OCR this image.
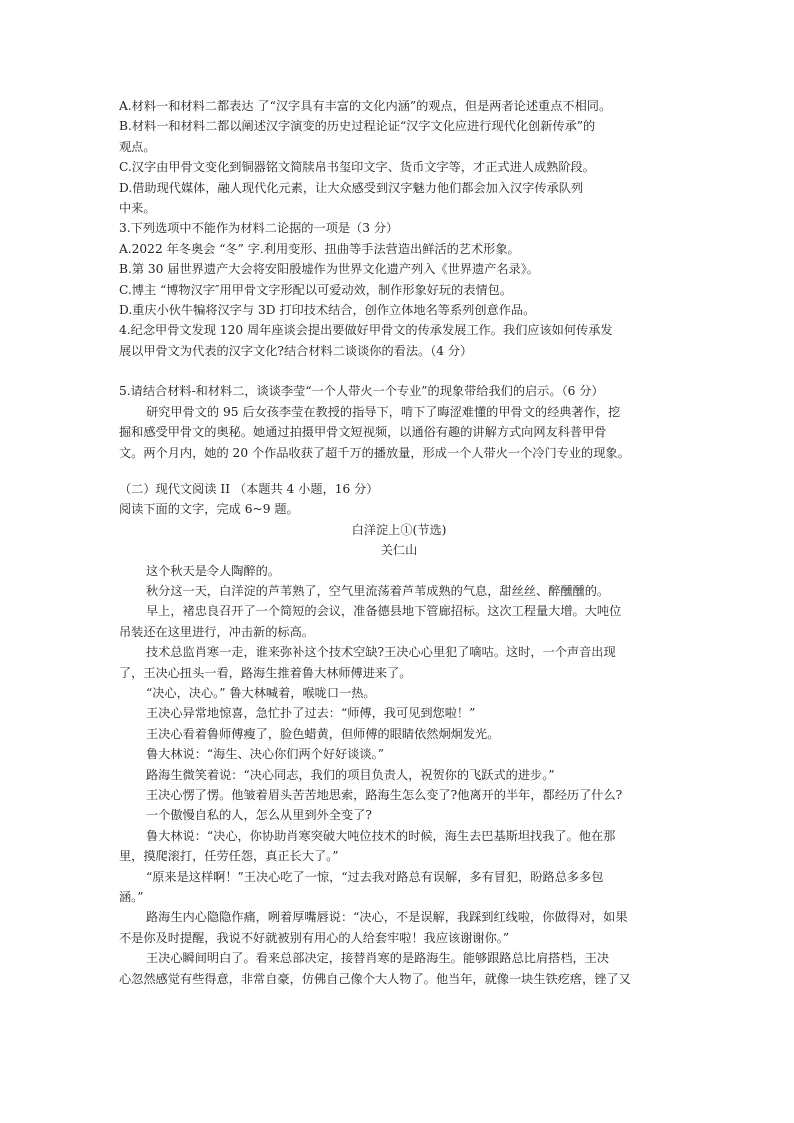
A.材料一和材料二都表达 了“汉字具有丰富的文化内涵”的观点，但是两者论述重点不相同。
B.材料一和材料二都以阐述汉字演变的历史过程论证“汉字文化应进行现代化创新传承”的
观点。
C.汉字由甲骨文变化到铜器铭文简牍帛书玺印文字、货币文字等，才正式进人成熟阶段。
D.借助现代媒体，融人现代化元素，让大众感受到汉字魅力他们都会加入汉字传承队列
中来。
3.下列选项中不能作为材料二论据的一项是（3 分）
A.2022 年冬奥会 “冬” 字.利用变形、扭曲等手法营造出鲜活的艺术形象。
B.第 30 届世界遗产大会将安阳殷墟作为世界文化遗产列入《世界遗产名录》。
C.博主 “博物汉字″用甲骨文字形配以可爱动效，制作形象好玩的表情包。
D.重庆小伙牛犏将汉字与 3D 打印技术结合，创作立体地名等系列创意作品。
4.纪念甲骨文发现 120 周年座谈会提出要做好甲骨文的传承发展工作。我们应该如何传承发
展以甲骨文为代表的汉字文化?结合材料二谈谈你的看法。（4 分）
5.请结合材料-和材料二，谈谈李莹“一个人带火一个专业”的现象带给我们的启示。（6 分）
研究甲骨文的 95 后女孩李莹在教授的指导下，啃下了晦涩难懂的甲骨文的经典著作，挖
掘和感受甲骨文的奥秘。她通过拍摄甲骨文短视频，以通俗有趣的讲解方式向网友科普甲骨
文。两个月内，她的 20 个作品收获了超千万的播放量，形成一个人带火一个冷门专业的现象。
（二）现代文阅读 II （本题共 4 小题，16 分）
阅读下面的文字，完成 6~9 题。
白洋淀上①(节选)
关仁山
这个秋天是令人陶醉的。
秋分这一天，白洋淀的芦苇熟了，空气里流荡着芦苇成熟的气息，甜丝丝、醉醺醺的。
早上，褚忠良召开了一个简短的会议，准备德县地下管廊招标。这次工程量大增。大吨位
吊装还在这里进行，冲击新的标高。
技术总监肖寒一走，谁来弥补这个技术空缺?王决心心里犯了嘀咕。这时，一个声音出现
了，王决心扭头一看，路海生推着鲁大林师傅进来了。
“决心，决心。” 鲁大林喊着，喉咙口一热。
王决心异常地惊喜，急忙扑了过去：“师傅，我可见到您啦！”
王决心看着鲁师傅瘦了，脸色蜡黄，但师傅的眼睛依然炯炯发光。
鲁大林说：“海生、决心你们两个好好谈谈。”
路海生微笑着说：“决心同志，我们的项目负责人，祝贺你的飞跃式的进步。”
王决心愣了愣。他皱着眉头苦苦地思索，路海生怎么变了?他离开的半年，都经历了什么?
一个傲慢自私的人，怎么从里到外全变了?
鲁大林说：“决心，你协助肖寒突破大吨位技术的时候，海生去巴基斯坦找我了。他在那
里，摸爬滚打，任劳任怨，真正长大了。”
“原来是这样啊！”王决心吃了一惊，“过去我对路总有误解，多有冒犯，盼路总多多包
涵。”
路海生内心隐隐作痛，咧着厚嘴唇说：“决心，不是误解，我踩到红线啦，你做得对，如果
不是你及时提醒，我说不好就被别有用心的人给套牢啦！我应该谢谢你。”
王决心瞬间明白了。看来总部决定，接替肖寒的是路海生。能够跟路总比肩搭档，王决
心忽然感觉有些得意，非常自豪，仿佛自己像个大人物了。他当年，就像一块生铁疙瘩，锉了又
